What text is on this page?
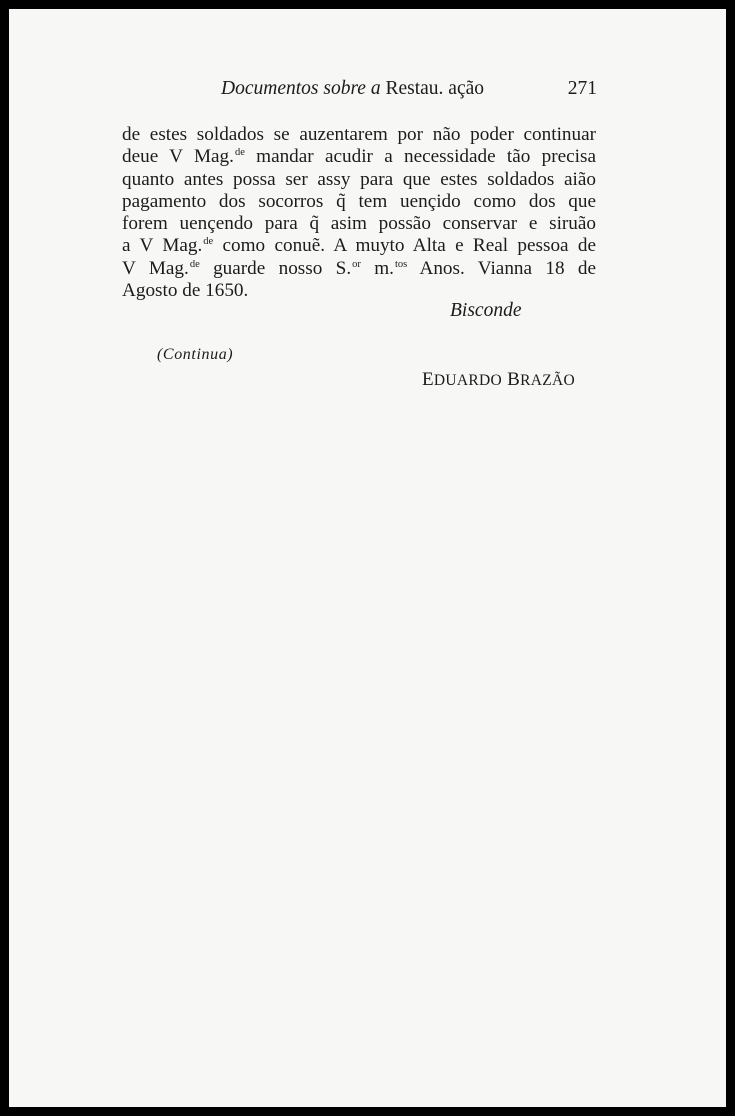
Documentos sobre a Restau. ação	271
de estes soldados se auzentarem por não poder continuar
deue V Mag.$^{de}$ mandar acudir a necessidade tão precisa
quanto antes possa ser assy para que estes soldados aião
pagamento dos socorros q̃ tem uençido como dos que
forem uençendo para q̃ asim possão conservar e siruão
a V Mag.$^{de}$ como conuẽ. A muyto Alta e Real pessoa de
V Mag.$^{de}$ guarde nosso S.$^{or}$ m.$^{tos}$ Anos. Vianna 18 de
Agosto de 1650.
Bisconde
(Continua)
EDUARDO BRAZÃO
